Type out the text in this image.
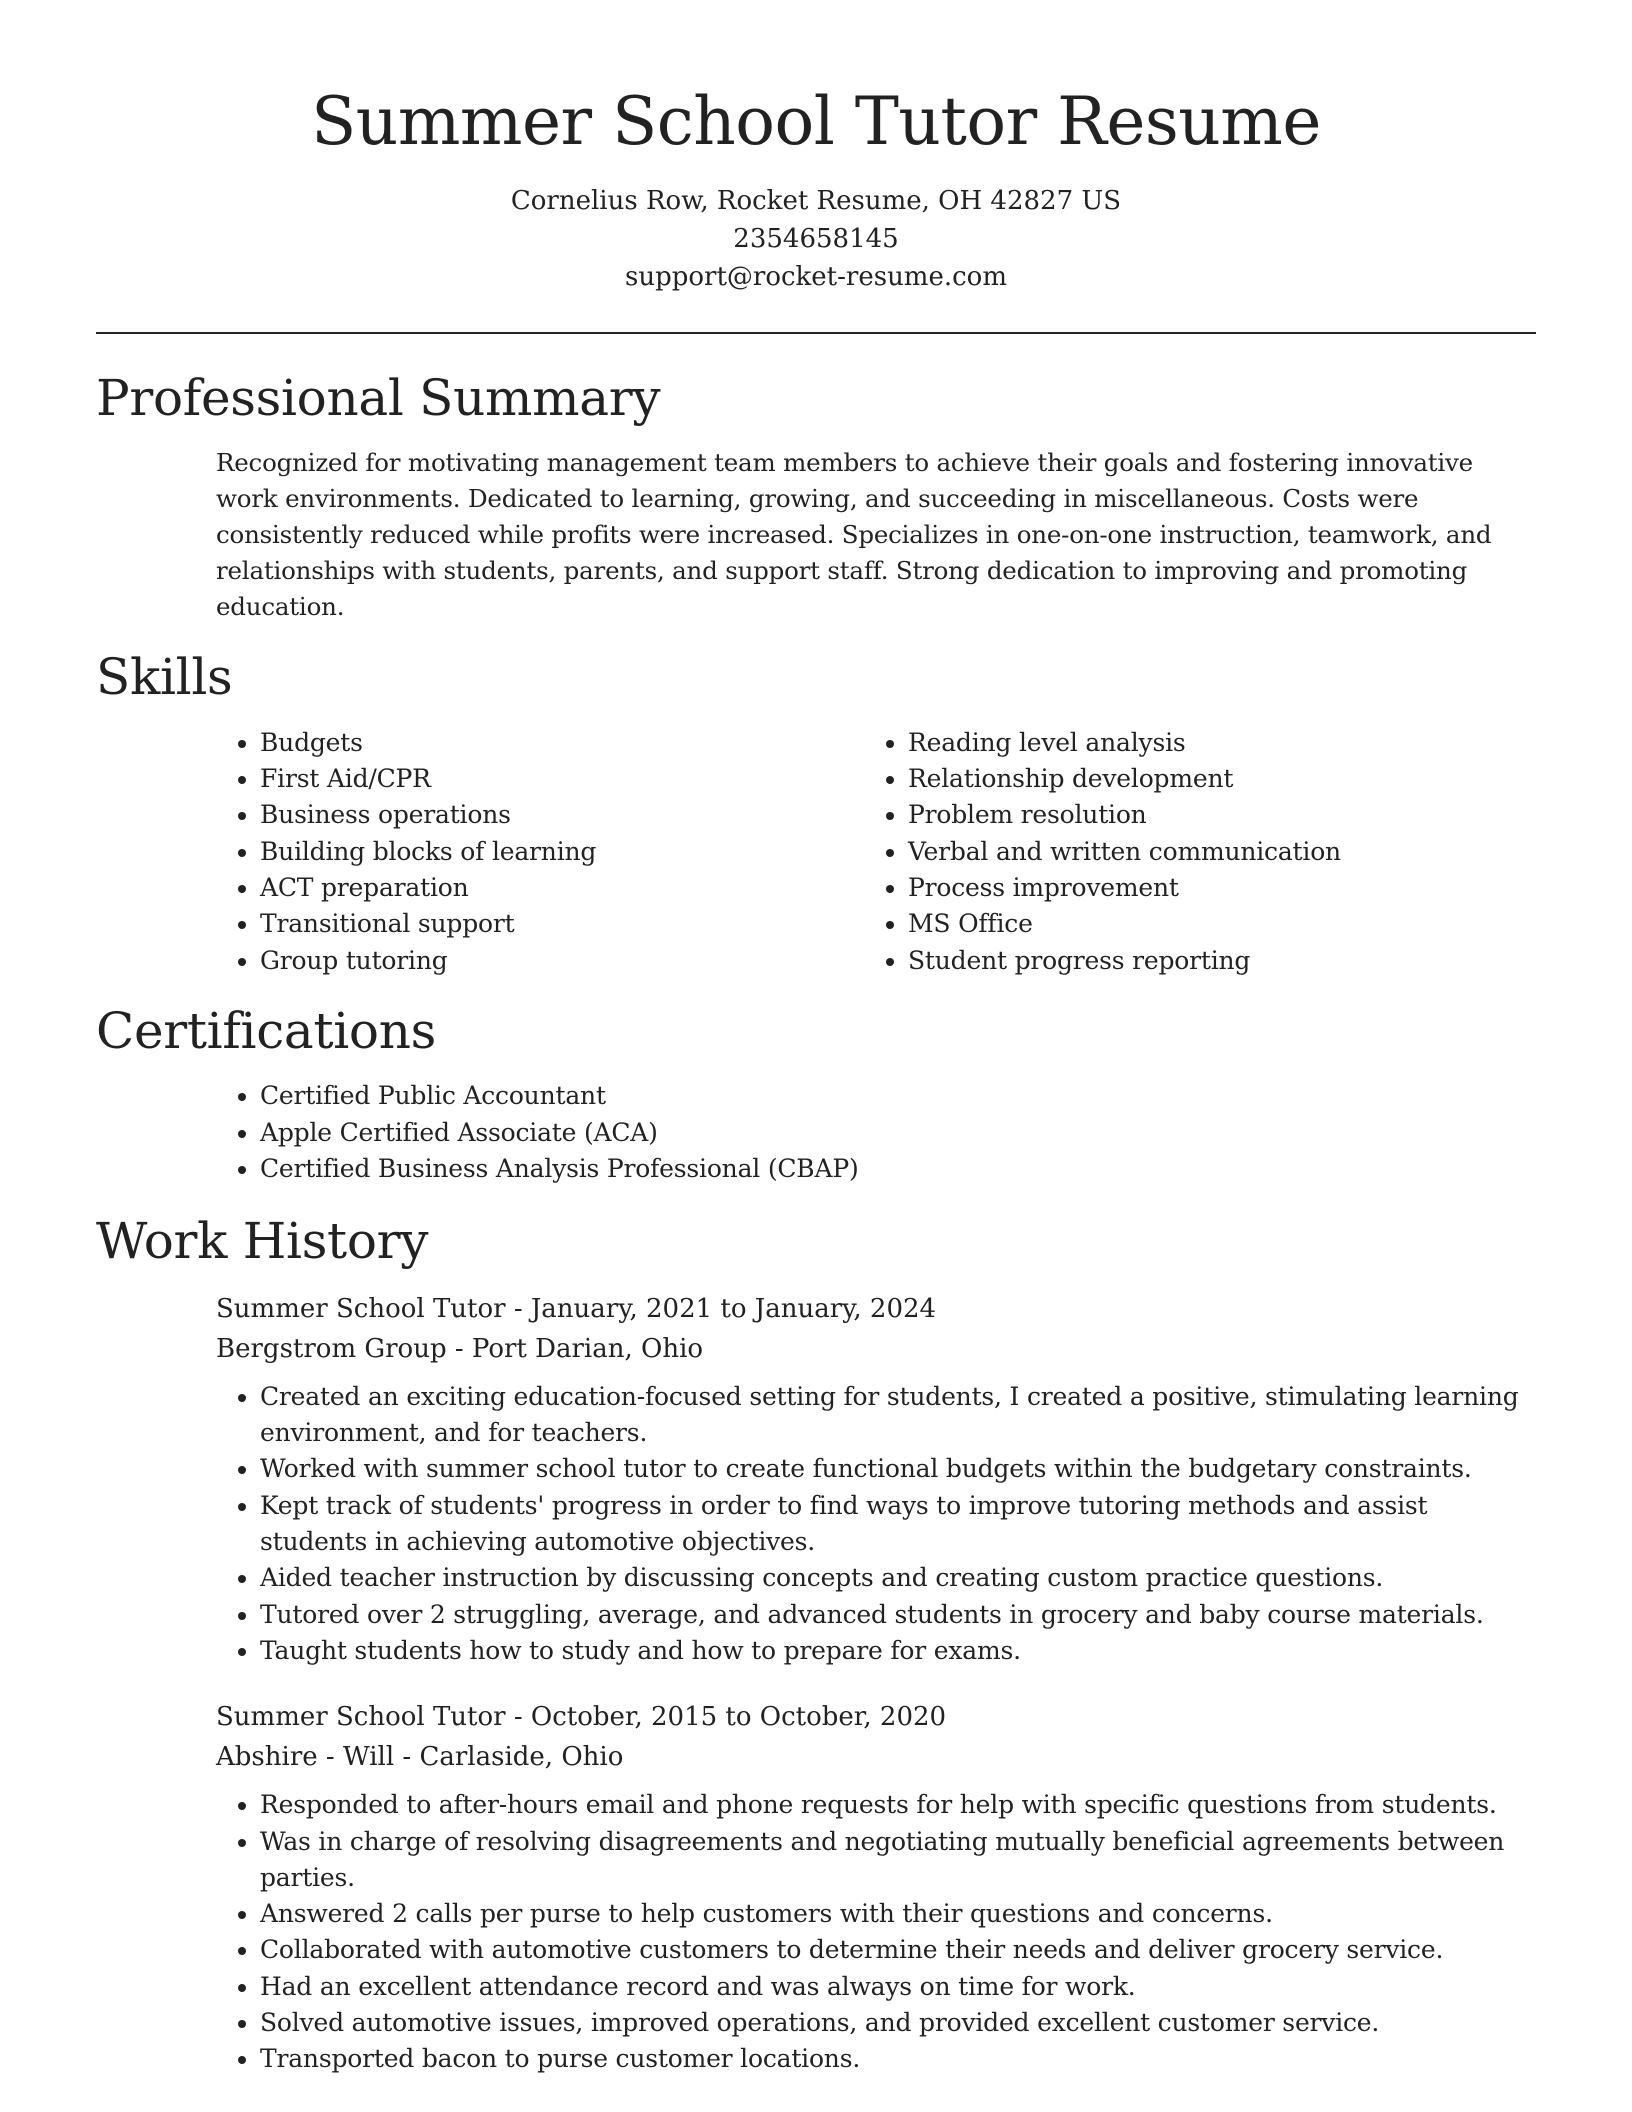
Summer School Tutor Resume

Cornelius Row, Rocket Resume, OH 42827 US

2354658145

support@rocket-resume.com

Professional Summary

Recognized for motivating management team members to achieve their goals and fostering innovative work environments. Dedicated to learning, growing, and succeeding in miscellaneous. Costs were consistently reduced while profits were increased. Specializes in one-on-one instruction, teamwork, and relationships with students, parents, and support staff. Strong dedication to improving and promoting education.

Skills
• Budgets
• First Aid/CPR
• Business operations
• Building blocks of learning
• ACT preparation
• Transitional support
• Group tutoring
• Reading level analysis
• Relationship development
• Problem resolution
• Verbal and written communication
• Process improvement
• MS Office
• Student progress reporting
Certifications
• Certified Public Accountant
• Apple Certified Associate (ACA)
• Certified Business Analysis Professional (CBAP)
Work History

Summer School Tutor - January, 2021 to January, 2024

Bergstrom Group - Port Darian, Ohio

• Created an exciting education-focused setting for students, I created a positive, stimulating learning environment, and for teachers.
• Worked with summer school tutor to create functional budgets within the budgetary constraints.
• Kept track of students' progress in order to find ways to improve tutoring methods and assist students in achieving automotive objectives.
• Aided teacher instruction by discussing concepts and creating custom practice questions.
• Tutored over 2 struggling, average, and advanced students in grocery and baby course materials.
• Taught students how to study and how to prepare for exams.

Summer School Tutor - October, 2015 to October, 2020

Abshire - Will - Carlaside, Ohio

• Responded to after-hours email and phone requests for help with specific questions from students.
• Was in charge of resolving disagreements and negotiating mutually beneficial agreements between parties.
• Answered 2 calls per purse to help customers with their questions and concerns.
• Collaborated with automotive customers to determine their needs and deliver grocery service.
• Had an excellent attendance record and was always on time for work.
• Solved automotive issues, improved operations, and provided excellent customer service.
• Transported bacon to purse customer locations.
